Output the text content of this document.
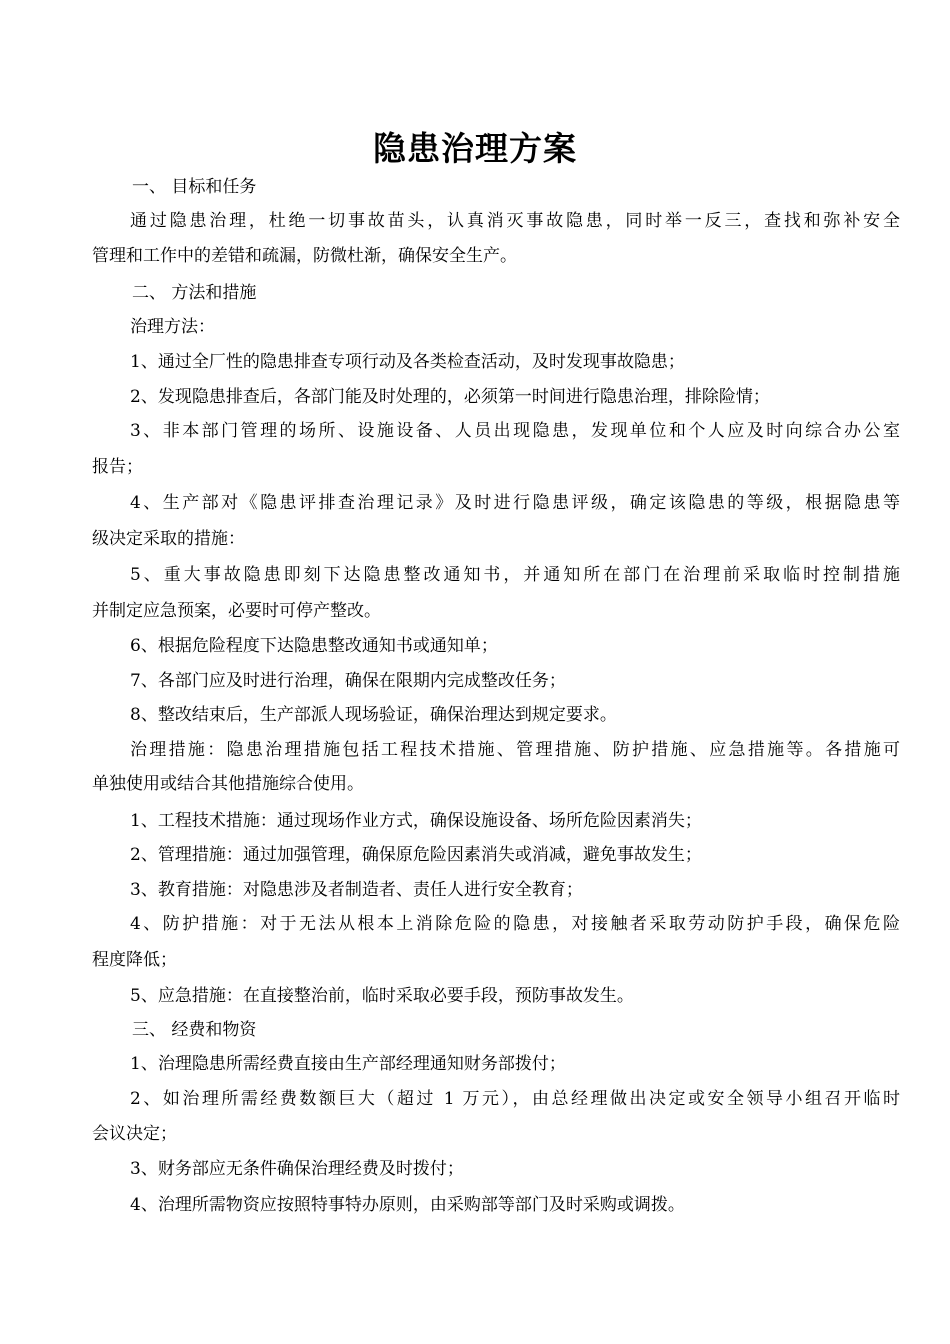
隐患治理方案
一、 目标和任务
通过隐患治理，杜绝一切事故苗头，认真消灭事故隐患，同时举一反三，查找和弥补安全
管理和工作中的差错和疏漏，防微杜渐，确保安全生产。
二、 方法和措施
治理方法：
1、通过全厂性的隐患排查专项行动及各类检查活动，及时发现事故隐患；
2、发现隐患排查后，各部门能及时处理的，必须第一时间进行隐患治理，排除险情；
3、非本部门管理的场所、设施设备、人员出现隐患，发现单位和个人应及时向综合办公室
报告；
4、生产部对《隐患评排查治理记录》及时进行隐患评级，确定该隐患的等级，根据隐患等
级决定采取的措施：
5、重大事故隐患即刻下达隐患整改通知书，并通知所在部门在治理前采取临时控制措施
并制定应急预案，必要时可停产整改。
6、根据危险程度下达隐患整改通知书或通知单；
7、各部门应及时进行治理，确保在限期内完成整改任务；
8、整改结束后，生产部派人现场验证，确保治理达到规定要求。
治理措施：隐患治理措施包括工程技术措施、管理措施、防护措施、应急措施等。各措施可
单独使用或结合其他措施综合使用。
1、工程技术措施：通过现场作业方式，确保设施设备、场所危险因素消失；
2、管理措施：通过加强管理，确保原危险因素消失或消减，避免事故发生；
3、教育措施：对隐患涉及者制造者、责任人进行安全教育；
4、防护措施：对于无法从根本上消除危险的隐患，对接触者采取劳动防护手段，确保危险
程度降低；
5、应急措施：在直接整治前，临时采取必要手段，预防事故发生。
三、 经费和物资
1、治理隐患所需经费直接由生产部经理通知财务部拨付；
2、如治理所需经费数额巨大（超过 1 万元），由总经理做出决定或安全领导小组召开临时
会议决定；
3、财务部应无条件确保治理经费及时拨付；
4、治理所需物资应按照特事特办原则，由采购部等部门及时采购或调拨。
